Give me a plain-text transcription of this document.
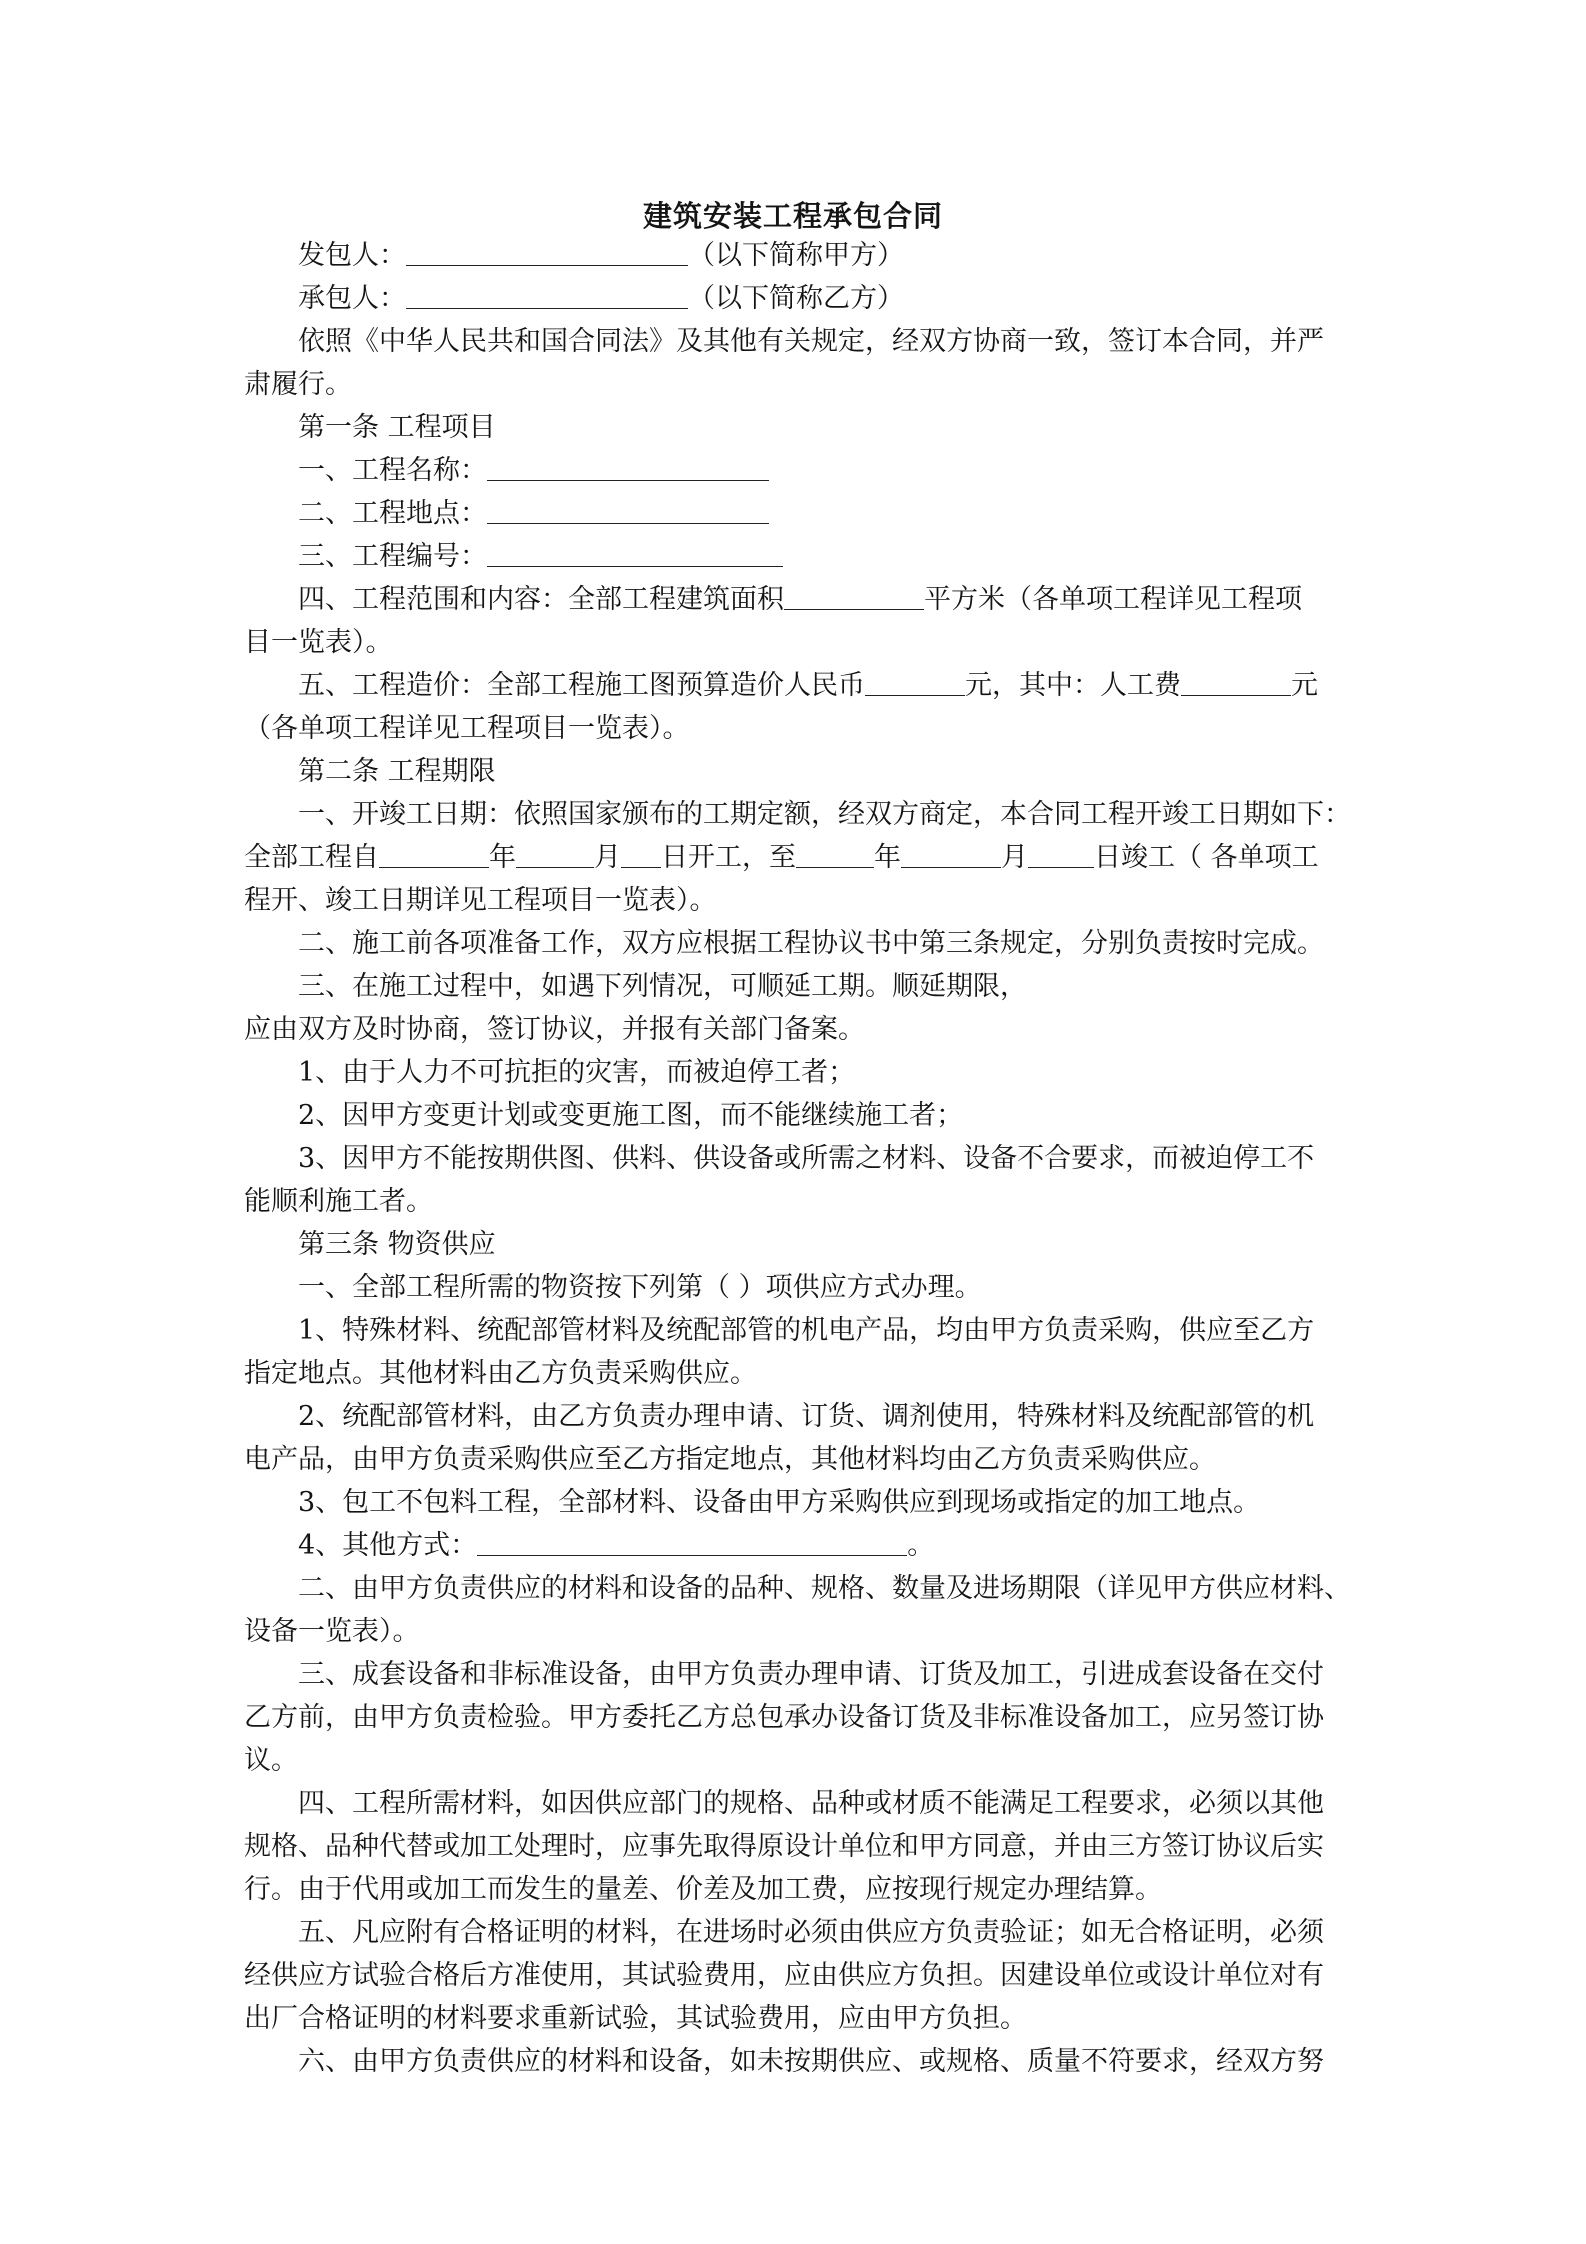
建筑安装工程承包合同
发包人：	（以下简称甲方）
承包人：	（以下简称乙方）
依照《中华人民共和国合同法》及其他有关规定，经双方协商一致，签订本合同，并严
肃履行。
第一条 工程项目
一、工程名称：
二、工程地点：
三、工程编号：
四、工程范围和内容：全部工程建筑面积	平方米（各单项工程详见工程项
目一览表）。
五、工程造价：全部工程施工图预算造价人民币	元，其中：人工费	元
（各单项工程详见工程项目一览表）。
第二条 工程期限
一、开竣工日期：依照国家颁布的工期定额，经双方商定，本合同工程开竣工日期如下：
全部工程自	年	月 日开工，至	年	月 日竣工（ 各单项工
程开、竣工日期详见工程项目一览表）。
二、施工前各项准备工作，双方应根据工程协议书中第三条规定，分别负责按时完成。
三、在施工过程中，如遇下列情况，可顺延工期。顺延期限，
应由双方及时协商，签订协议，并报有关部门备案。
1、由于人力不可抗拒的灾害，而被迫停工者；
2、因甲方变更计划或变更施工图，而不能继续施工者；
3、因甲方不能按期供图、供料、供设备或所需之材料、设备不合要求，而被迫停工不
能顺利施工者。
第三条 物资供应
一、全部工程所需的物资按下列第（ ）项供应方式办理。
1、特殊材料、统配部管材料及统配部管的机电产品，均由甲方负责采购，供应至乙方
指定地点。其他材料由乙方负责采购供应。
2、统配部管材料，由乙方负责办理申请、订货、调剂使用，特殊材料及统配部管的机
电产品，由甲方负责采购供应至乙方指定地点，其他材料均由乙方负责采购供应。
3、包工不包料工程，全部材料、设备由甲方采购供应到现场或指定的加工地点。
4、其他方式：	。
二、由甲方负责供应的材料和设备的品种、规格、数量及进场期限（详见甲方供应材料、
设备一览表）。
三、成套设备和非标准设备，由甲方负责办理申请、订货及加工，引进成套设备在交付
乙方前，由甲方负责检验。甲方委托乙方总包承办设备订货及非标准设备加工，应另签订协
议。
四、工程所需材料，如因供应部门的规格、品种或材质不能满足工程要求，必须以其他
规格、品种代替或加工处理时，应事先取得原设计单位和甲方同意，并由三方签订协议后实
行。由于代用或加工而发生的量差、价差及加工费，应按现行规定办理结算。
五、凡应附有合格证明的材料，在进场时必须由供应方负责验证；如无合格证明，必须
经供应方试验合格后方准使用，其试验费用，应由供应方负担。因建设单位或设计单位对有
出厂合格证明的材料要求重新试验，其试验费用，应由甲方负担。
六、由甲方负责供应的材料和设备，如未按期供应、或规格、质量不符要求，经双方努
